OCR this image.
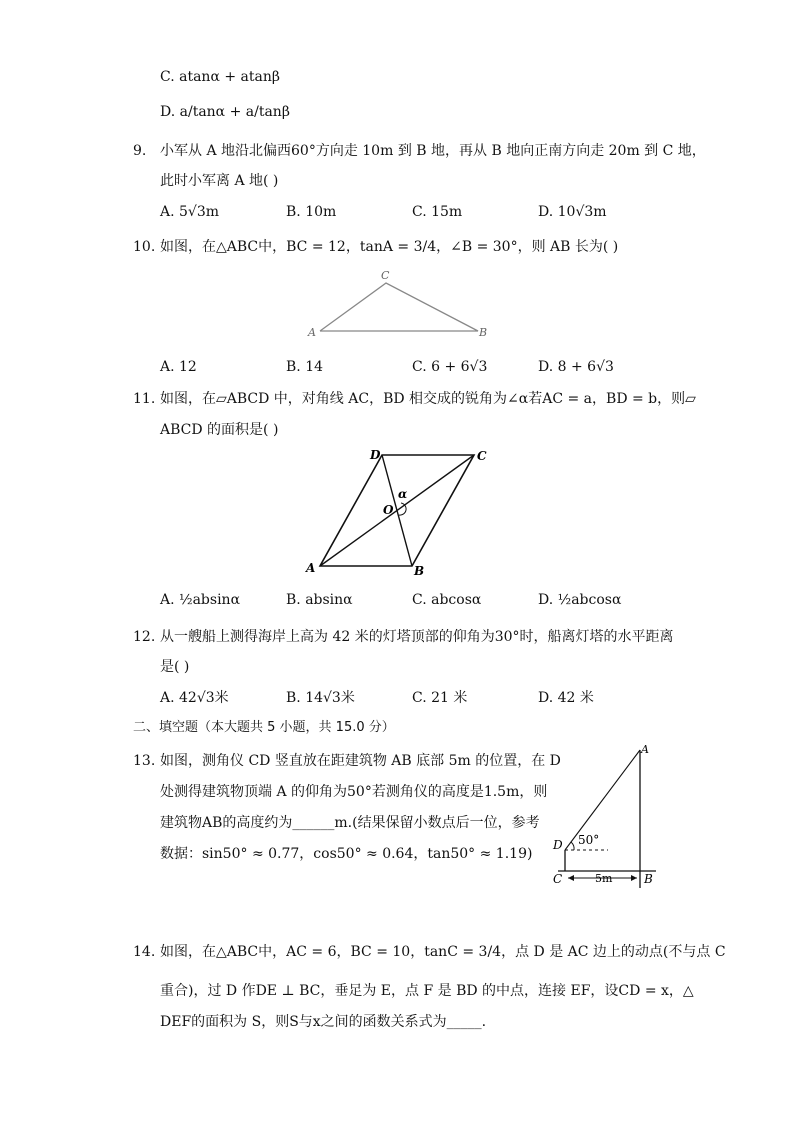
C. atanα + atanβ
D. a/tanα + a/tanβ
9. 小军从 A 地沿北偏西60°方向走 10m 到 B 地，再从 B 地向正南方向走 20m 到 C 地，
此时小军离 A 地( )
A. 5√3m	B. 10m	C. 15m	D. 10√3m
10. 如图，在△ABC中，BC = 12，tanA = 3/4，∠B = 30°，则 AB 长为( )
C
A	B
A. 12	B. 14	C. 6 + 6√3	D. 8 + 6√3
11. 如图，在▱ABCD 中，对角线 AC，BD 相交成的锐角为∠α若AC = a，BD = b，则▱
ABCD 的面积是( )
D	C
A	B
O
α
A. ½absinα	B. absinα	C. abcosα	D. ½abcosα
12. 从一艘船上测得海岸上高为 42 米的灯塔顶部的仰角为30°时，船离灯塔的水平距离
是( )
A. 42√3米	B. 14√3米	C. 21 米	D. 42 米
二、填空题（本大题共 5 小题，共 15.0 分）
13. 如图，测角仪 CD 竖直放在距建筑物 AB 底部 5m 的位置，在 D
处测得建筑物顶端 A 的仰角为50°若测角仪的高度是1.5m，则
建筑物AB的高度约为______m.(结果保留小数点后一位，参考
数据：sin50° ≈ 0.77，cos50° ≈ 0.64，tan50° ≈ 1.19)
A
D 50°
C	B
5m
14. 如图，在△ABC中，AC = 6，BC = 10，tanC = 3/4，点 D 是 AC 边上的动点(不与点 C
重合)，过 D 作DE ⊥ BC，垂足为 E，点 F 是 BD 的中点，连接 EF，设CD = x，△
DEF的面积为 S，则S与x之间的函数关系式为_____.
